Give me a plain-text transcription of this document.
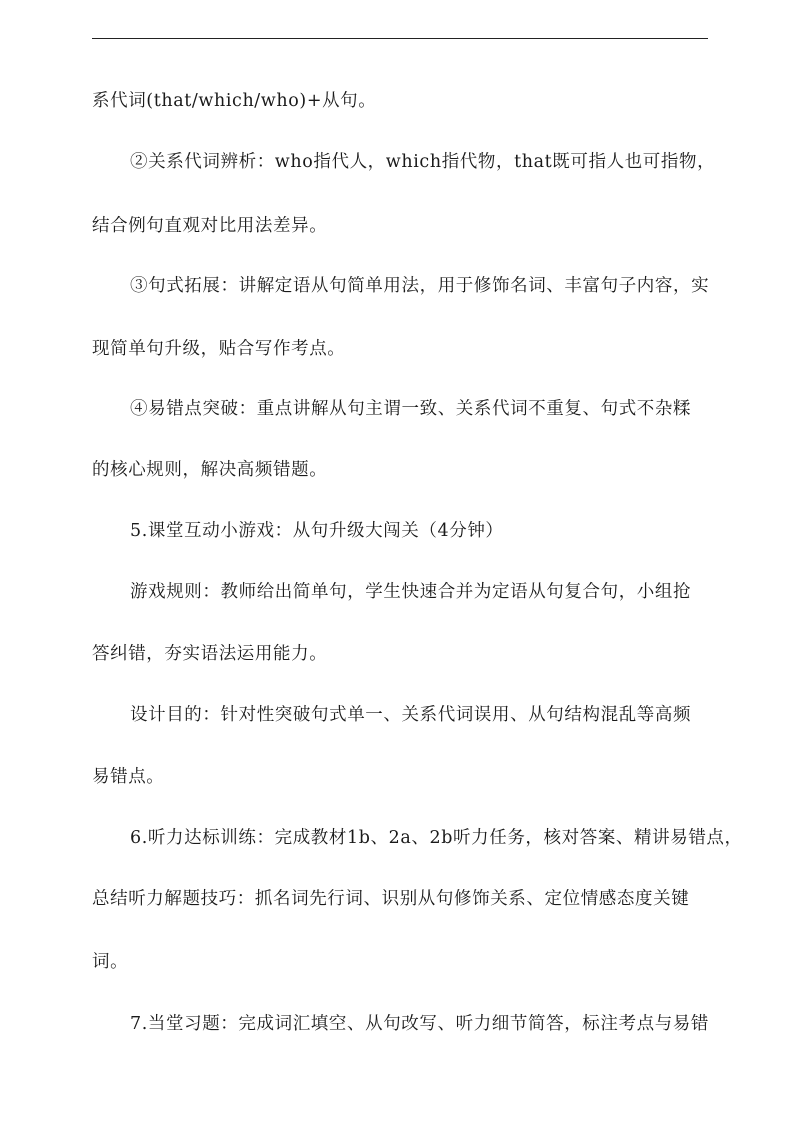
系代词(that/which/who)+从句。
②关系代词辨析：who指代人，which指代物，that既可指人也可指物，
结合例句直观对比用法差异。
③句式拓展：讲解定语从句简单用法，用于修饰名词、丰富句子内容，实
现简单句升级，贴合写作考点。
④易错点突破：重点讲解从句主谓一致、关系代词不重复、句式不杂糅
的核心规则，解决高频错题。
5.课堂互动小游戏：从句升级大闯关（4分钟）
游戏规则：教师给出简单句，学生快速合并为定语从句复合句，小组抢
答纠错，夯实语法运用能力。
设计目的：针对性突破句式单一、关系代词误用、从句结构混乱等高频
易错点。
6.听力达标训练：完成教材1b、2a、2b听力任务，核对答案、精讲易错点，
总结听力解题技巧：抓名词先行词、识别从句修饰关系、定位情感态度关键
词。
7.当堂习题：完成词汇填空、从句改写、听力细节简答，标注考点与易错
